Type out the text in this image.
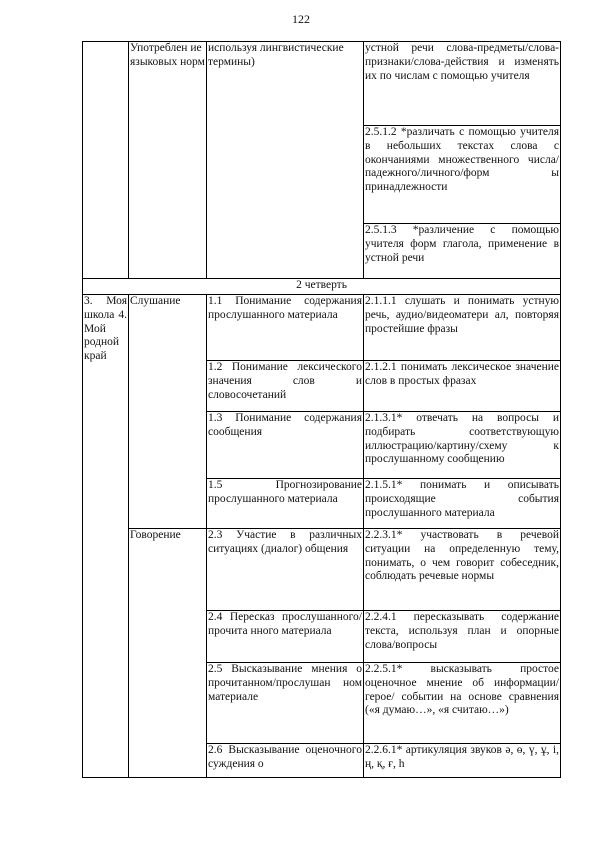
122
	Употреблен ие языковых норм	используя лингвистические термины)	устной речи слова-предметы/слова-признаки/слова-действия и изменять их по числам с помощью учителя
			2.5.1.2 *различать с помощью учителя в небольших текстах слова с окончаниями множественного числа/падежного/личного/форм ы принадлежности
			2.5.1.3 *различение с помощью учителя форм глагола, применение в устной речи
2 четверть			
3. Моя школа 4. Мой родной край	Слушание	1.1 Понимание содержания прослушанного материала	2.1.1.1 слушать и понимать устную речь, аудио/видеоматери ал, повторяя простейшие фразы
		1.2 Понимание лексического значения слов и словосочетаний	2.1.2.1 понимать лексическое значение слов в простых фразах
		1.3 Понимание содержания сообщения	2.1.3.1* отвечать на вопросы и подбирать соответствующую иллюстрацию/картину/схему к прослушанному сообщению
		1.5 Прогнозирование прослушанного материала	2.1.5.1* понимать и описывать происходящие события прослушанного материала
	Говорение	2.3 Участие в различных ситуациях (диалог) общения	2.2.3.1* участвовать в речевой ситуации на определенную тему, понимать, о чем говорит собеседник, соблюдать речевые нормы
		2.4 Пересказ прослушанного/прочита нного материала	2.2.4.1 пересказывать содержание текста, используя план и опорные слова/вопросы
		2.5 Высказывание мнения о прочитанном/прослушан ном материале	2.2.5.1* высказывать простое оценочное мнение об информации/герое/ событии на основе сравнения («я думаю…», «я считаю…»)
		2.6 Высказывание оценочного суждения о	2.2.6.1* артикуляция звуков ә, ө, ү, ұ, і, ң, қ, ғ, һ
